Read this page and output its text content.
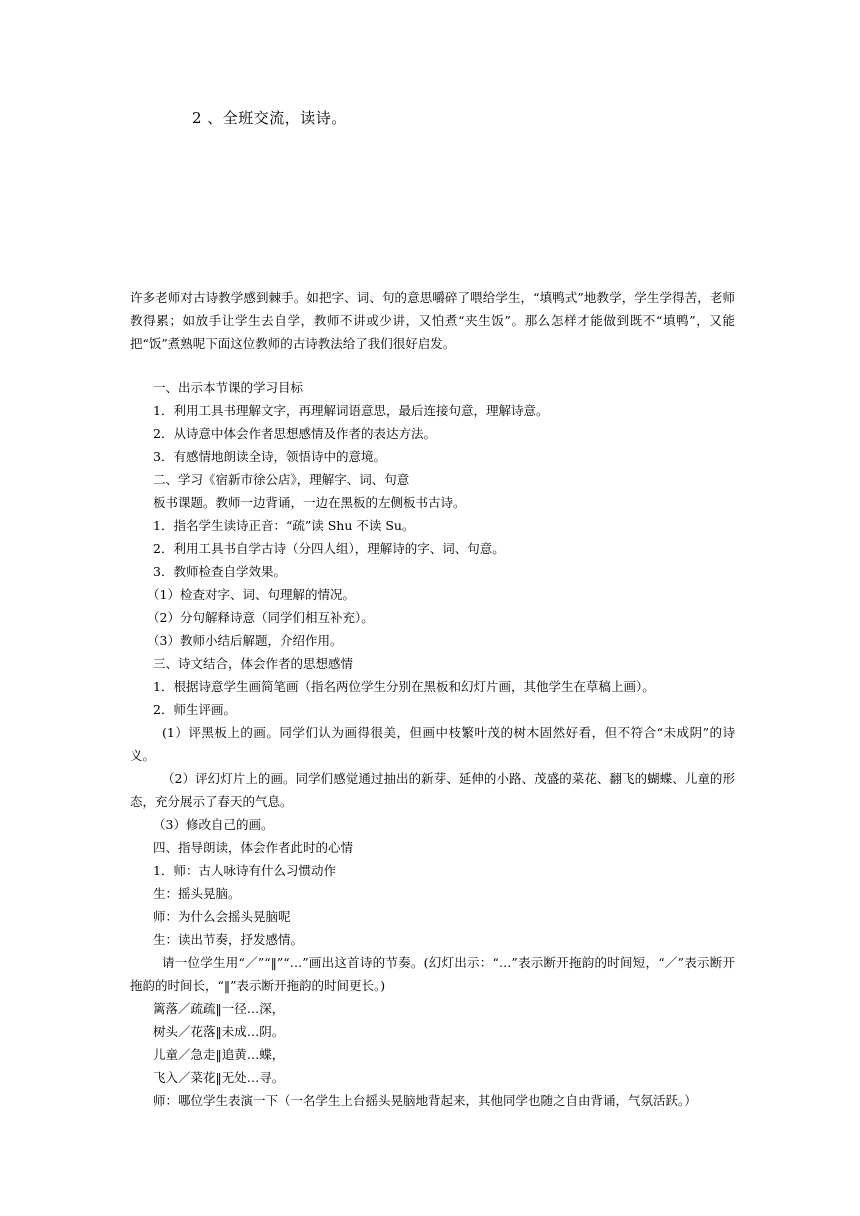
2 、全班交流，读诗。
许多老师对古诗教学感到棘手。如把字、词、句的意思嚼碎了喂给学生，“填鸭式”地教学，学生学得苦，老师教得累；如放手让学生去自学，教师不讲或少讲，又怕煮“夹生饭”。那么怎样才能做到既不“填鸭”，又能把“饭”煮熟呢下面这位教师的古诗教法给了我们很好启发。
一、出示本节课的学习目标
1．利用工具书理解文字，再理解词语意思，最后连接句意，理解诗意。
2．从诗意中体会作者思想感情及作者的表达方法。
3．有感情地朗读全诗，领悟诗中的意境。
二、学习《宿新市徐公店》，理解字、词、句意
板书课题。教师一边背诵，一边在黑板的左侧板书古诗。
1．指名学生读诗正音：“疏”读 Shu 不读 Su。
2．利用工具书自学古诗（分四人组），理解诗的字、词、句意。
3．教师检查自学效果。
（1）检查对字、词、句理解的情况。
（2）分句解释诗意（同学们相互补充）。
（3）教师小结后解题，介绍作用。
三、诗文结合，体会作者的思想感情
1．根据诗意学生画简笔画（指名两位学生分别在黑板和幻灯片画，其他学生在草稿上画）。
2．师生评画。
(1）评黑板上的画。同学们认为画得很美，但画中枝繁叶茂的树木固然好看，但不符合“未成阴”的诗义。
（2）评幻灯片上的画。同学们感觉通过抽出的新芽、延伸的小路、茂盛的菜花、翻飞的蝴蝶、儿童的形态，充分展示了春天的气息。
（3）修改自己的画。
四、指导朗读，体会作者此时的心情
1．师：古人咏诗有什么习惯动作
生：摇头晃脑。
师：为什么会摇头晃脑呢
生：读出节奏，抒发感情。
请一位学生用“／”“‖”“…”画出这首诗的节奏。(幻灯出示：“…”表示断开拖韵的时间短，“／”表示断开拖韵的时间长，“‖”表示断开拖韵的时间更长。)
篱落／疏疏‖一径…深，
树头／花落‖未成…阴。
儿童／急走‖追黄…蝶，
飞入／菜花‖无处…寻。
师：哪位学生表演一下（一名学生上台摇头晃脑地背起来，其他同学也随之自由背诵，气氛活跃。）
